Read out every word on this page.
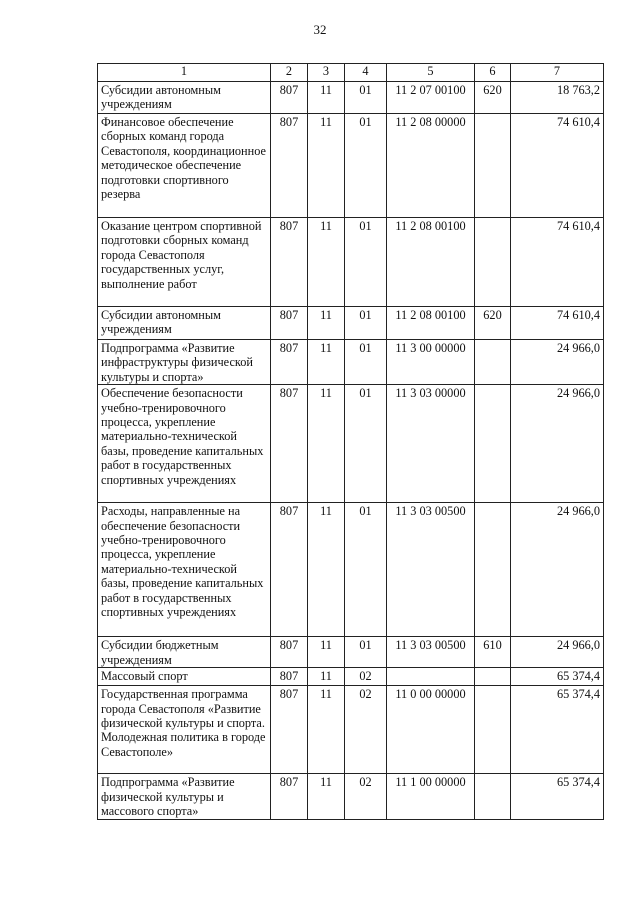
32
1	2	3	4	5	6	7
Субсидии автономным учреждениям	807	11	01	11 2 07 00100	620	18 763,2
Финансовое обеспечение сборных команд города Севастополя, координационное методическое обеспечение подготовки спортивного резерва	807	11	01	11 2 08 00000		74 610,4
Оказание центром спортивной подготовки сборных команд города Севастополя государственных услуг, выполнение работ	807	11	01	11 2 08 00100		74 610,4
Субсидии автономным учреждениям	807	11	01	11 2 08 00100	620	74 610,4
Подпрограмма «Развитие инфраструктуры физической культуры и спорта»	807	11	01	11 3 00 00000		24 966,0
Обеспечение безопасности учебно-тренировочного процесса, укрепление материально-технической базы, проведение капитальных работ в государственных спортивных учреждениях	807	11	01	11 3 03 00000		24 966,0
Расходы, направленные на обеспечение безопасности учебно-тренировочного процесса, укрепление материально-технической базы, проведение капитальных работ в государственных спортивных учреждениях	807	11	01	11 3 03 00500		24 966,0
Субсидии бюджетным учреждениям	807	11	01	11 3 03 00500	610	24 966,0
Массовый спорт	807	11	02			65 374,4
Государственная программа города Севастополя «Развитие физической культуры и спорта. Молодежная политика в городе Севастополе»	807	11	02	11 0 00 00000		65 374,4
Подпрограмма «Развитие физической культуры и массового спорта»	807	11	02	11 1 00 00000		65 374,4
